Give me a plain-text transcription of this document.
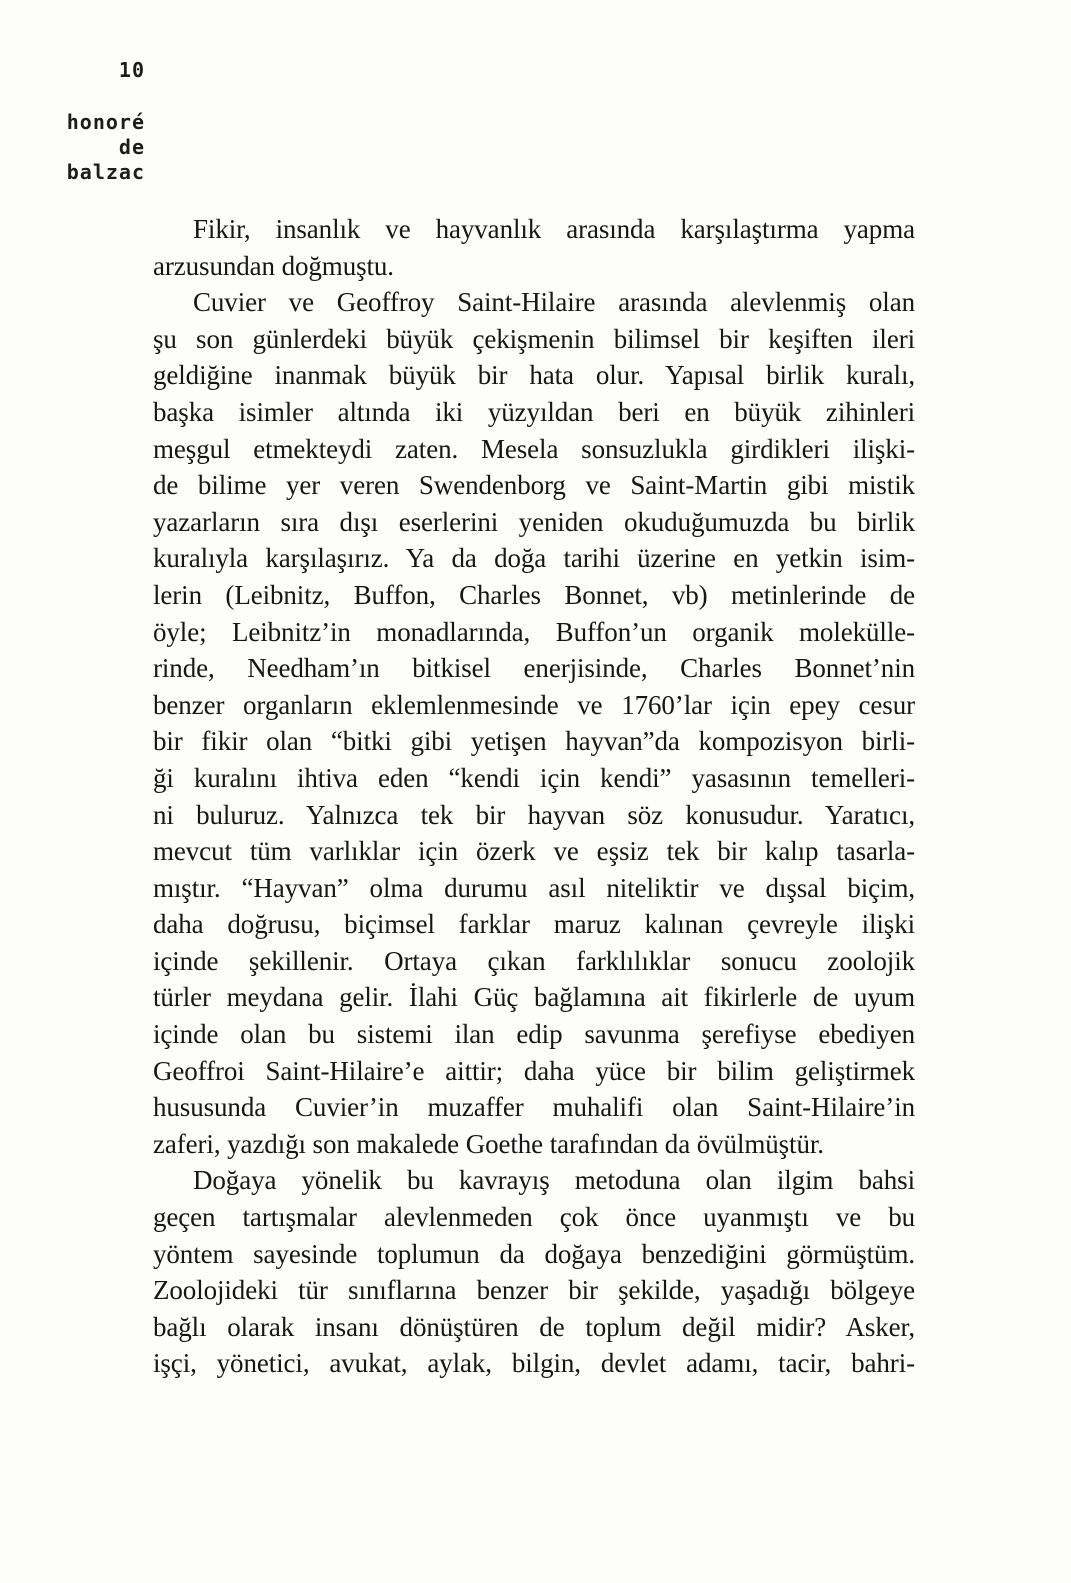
10
honoré
de
balzac
Fikir, insanlık ve hayvanlık arasında karşılaştırma yapma
arzusundan doğmuştu.
Cuvier ve Geoffroy Saint-Hilaire arasında alevlenmiş olan
şu son günlerdeki büyük çekişmenin bilimsel bir keşiften ileri
geldiğine inanmak büyük bir hata olur. Yapısal birlik kuralı,
başka isimler altında iki yüzyıldan beri en büyük zihinleri
meşgul etmekteydi zaten. Mesela sonsuzlukla girdikleri ilişki-
de bilime yer veren Swendenborg ve Saint-Martin gibi mistik
yazarların sıra dışı eserlerini yeniden okuduğumuzda bu birlik
kuralıyla karşılaşırız. Ya da doğa tarihi üzerine en yetkin isim-
lerin (Leibnitz, Buffon, Charles Bonnet, vb) metinlerinde de
öyle; Leibnitz’in monadlarında, Buffon’un organik molekülle-
rinde, Needham’ın bitkisel enerjisinde, Charles Bonnet’nin
benzer organların eklemlenmesinde ve 1760’lar için epey cesur
bir fikir olan “bitki gibi yetişen hayvan”da kompozisyon birli-
ği kuralını ihtiva eden “kendi için kendi” yasasının temelleri-
ni buluruz. Yalnızca tek bir hayvan söz konusudur. Yaratıcı,
mevcut tüm varlıklar için özerk ve eşsiz tek bir kalıp tasarla-
mıştır. “Hayvan” olma durumu asıl niteliktir ve dışsal biçim,
daha doğrusu, biçimsel farklar maruz kalınan çevreyle ilişki
içinde şekillenir. Ortaya çıkan farklılıklar sonucu zoolojik
türler meydana gelir. İlahi Güç bağlamına ait fikirlerle de uyum
içinde olan bu sistemi ilan edip savunma şerefiyse ebediyen
Geoffroi Saint-Hilaire’e aittir; daha yüce bir bilim geliştirmek
hususunda Cuvier’in muzaffer muhalifi olan Saint-Hilaire’in
zaferi, yazdığı son makalede Goethe tarafından da övülmüştür.
Doğaya yönelik bu kavrayış metoduna olan ilgim bahsi
geçen tartışmalar alevlenmeden çok önce uyanmıştı ve bu
yöntem sayesinde toplumun da doğaya benzediğini görmüştüm.
Zoolojideki tür sınıflarına benzer bir şekilde, yaşadığı bölgeye
bağlı olarak insanı dönüştüren de toplum değil midir? Asker,
işçi, yönetici, avukat, aylak, bilgin, devlet adamı, tacir, bahri-
